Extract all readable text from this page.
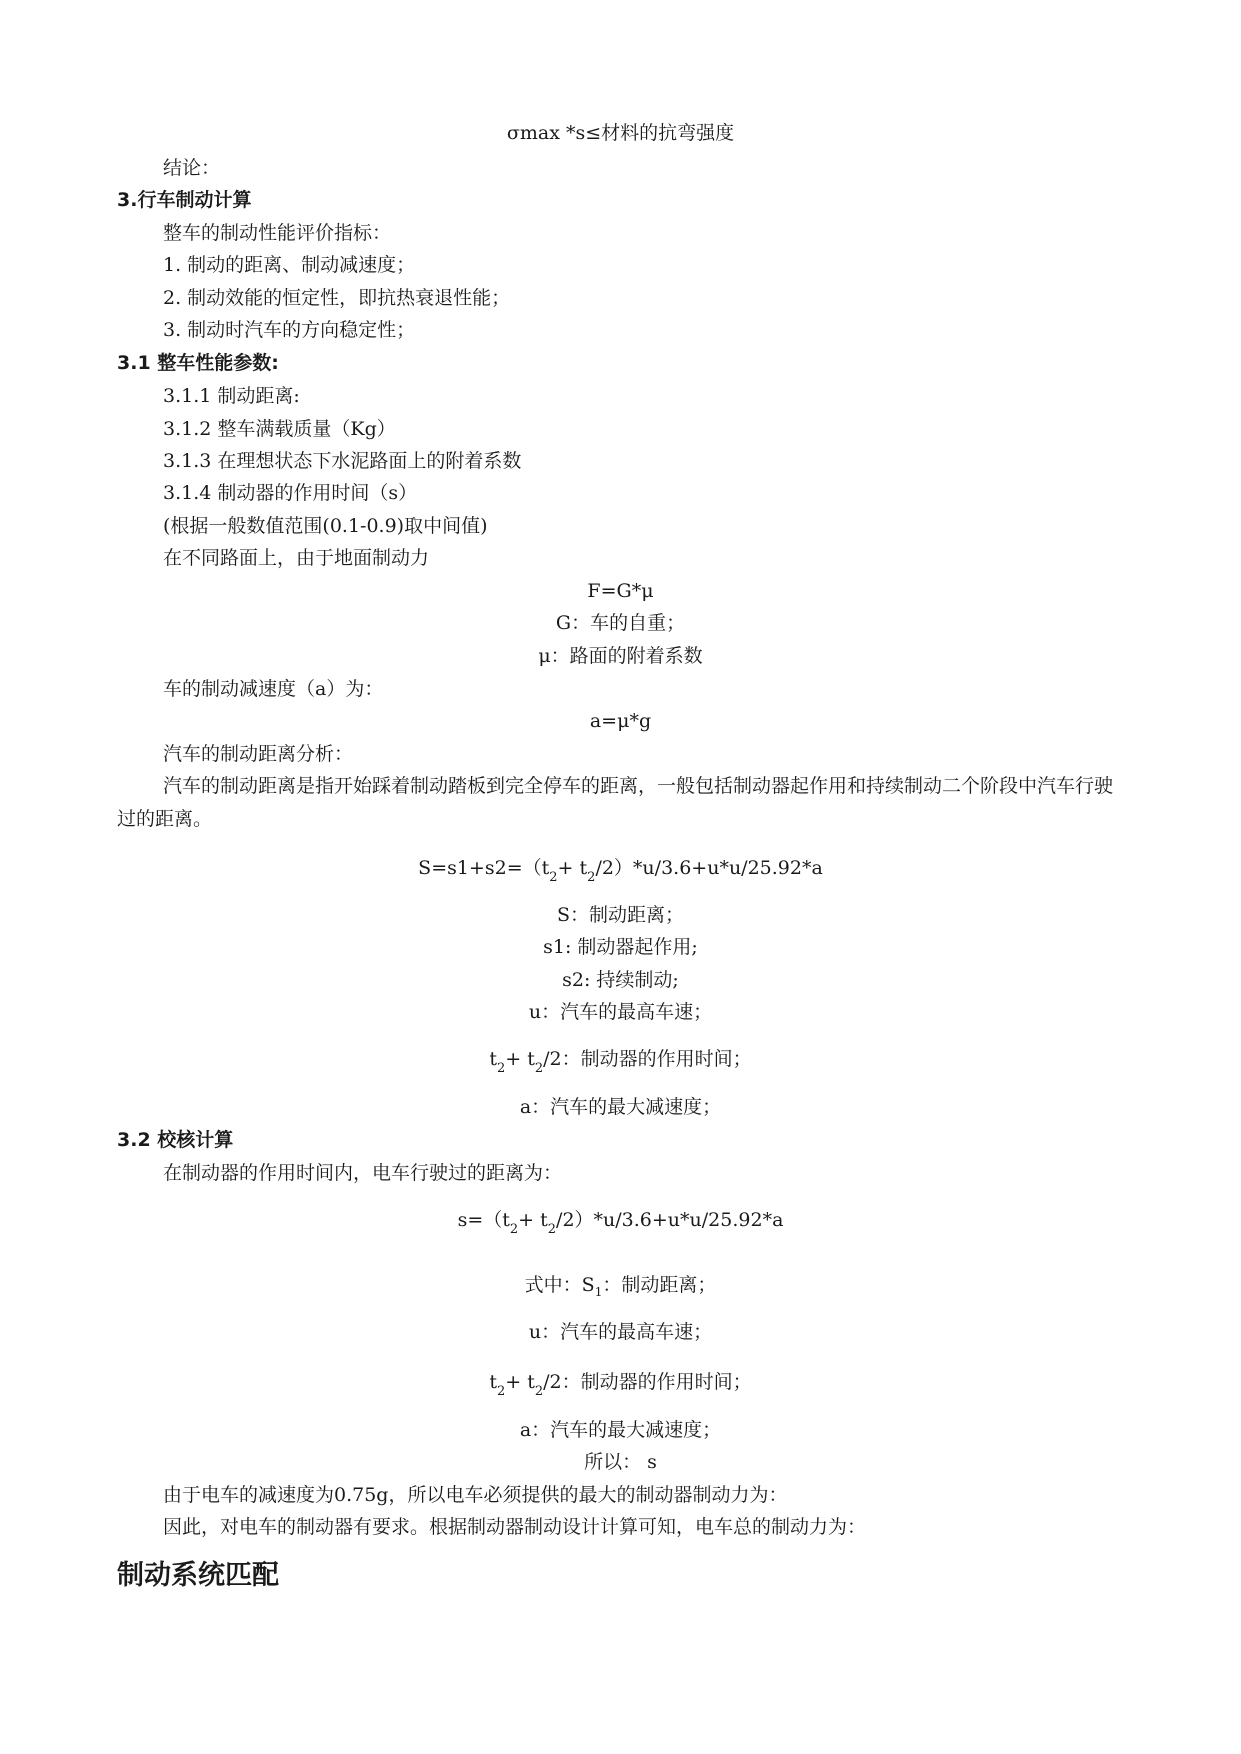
σmax *s≤材料的抗弯强度
结论：
3.行车制动计算
整车的制动性能评价指标：
1. 制动的距离、制动减速度；
2. 制动效能的恒定性，即抗热衰退性能；
3. 制动时汽车的方向稳定性；
3.1 整车性能参数:
3.1.1 制动距离:
3.1.2 整车满载质量（Kg）
3.1.3 在理想状态下水泥路面上的附着系数
3.1.4 制动器的作用时间（s）
(根据一般数值范围(0.1-0.9)取中间值)
在不同路面上，由于地面制动力
F=G*μ
G：车的自重；
μ：路面的附着系数
车的制动减速度（a）为：
a=μ*g
汽车的制动距离分析：
汽车的制动距离是指开始踩着制动踏板到完全停车的距离，一般包括制动器起作用和持续制动二个阶段中汽车行驶过的距离。
$S=s1+s2=(t_2+ t_2/2)*u/3.6+u*u/25.92*a$
S：制动距离；
s1: 制动器起作用;
s2: 持续制动;
u：汽车的最高车速；
$t_2+ t_2/2$：制动器的作用时间；
a：汽车的最大减速度；
3.2 校核计算
在制动器的作用时间内，电车行驶过的距离为：
$s=(t_2+ t_2/2)*u/3.6+u*u/25.92*a$
式中：$S_1$：制动距离；
u：汽车的最高车速；
$t_2+ t_2/2$：制动器的作用时间；
a：汽车的最大减速度；
所以： s
由于电车的减速度为0.75g，所以电车必须提供的最大的制动器制动力为：
因此，对电车的制动器有要求。根据制动器制动设计计算可知，电车总的制动力为：
制动系统匹配
